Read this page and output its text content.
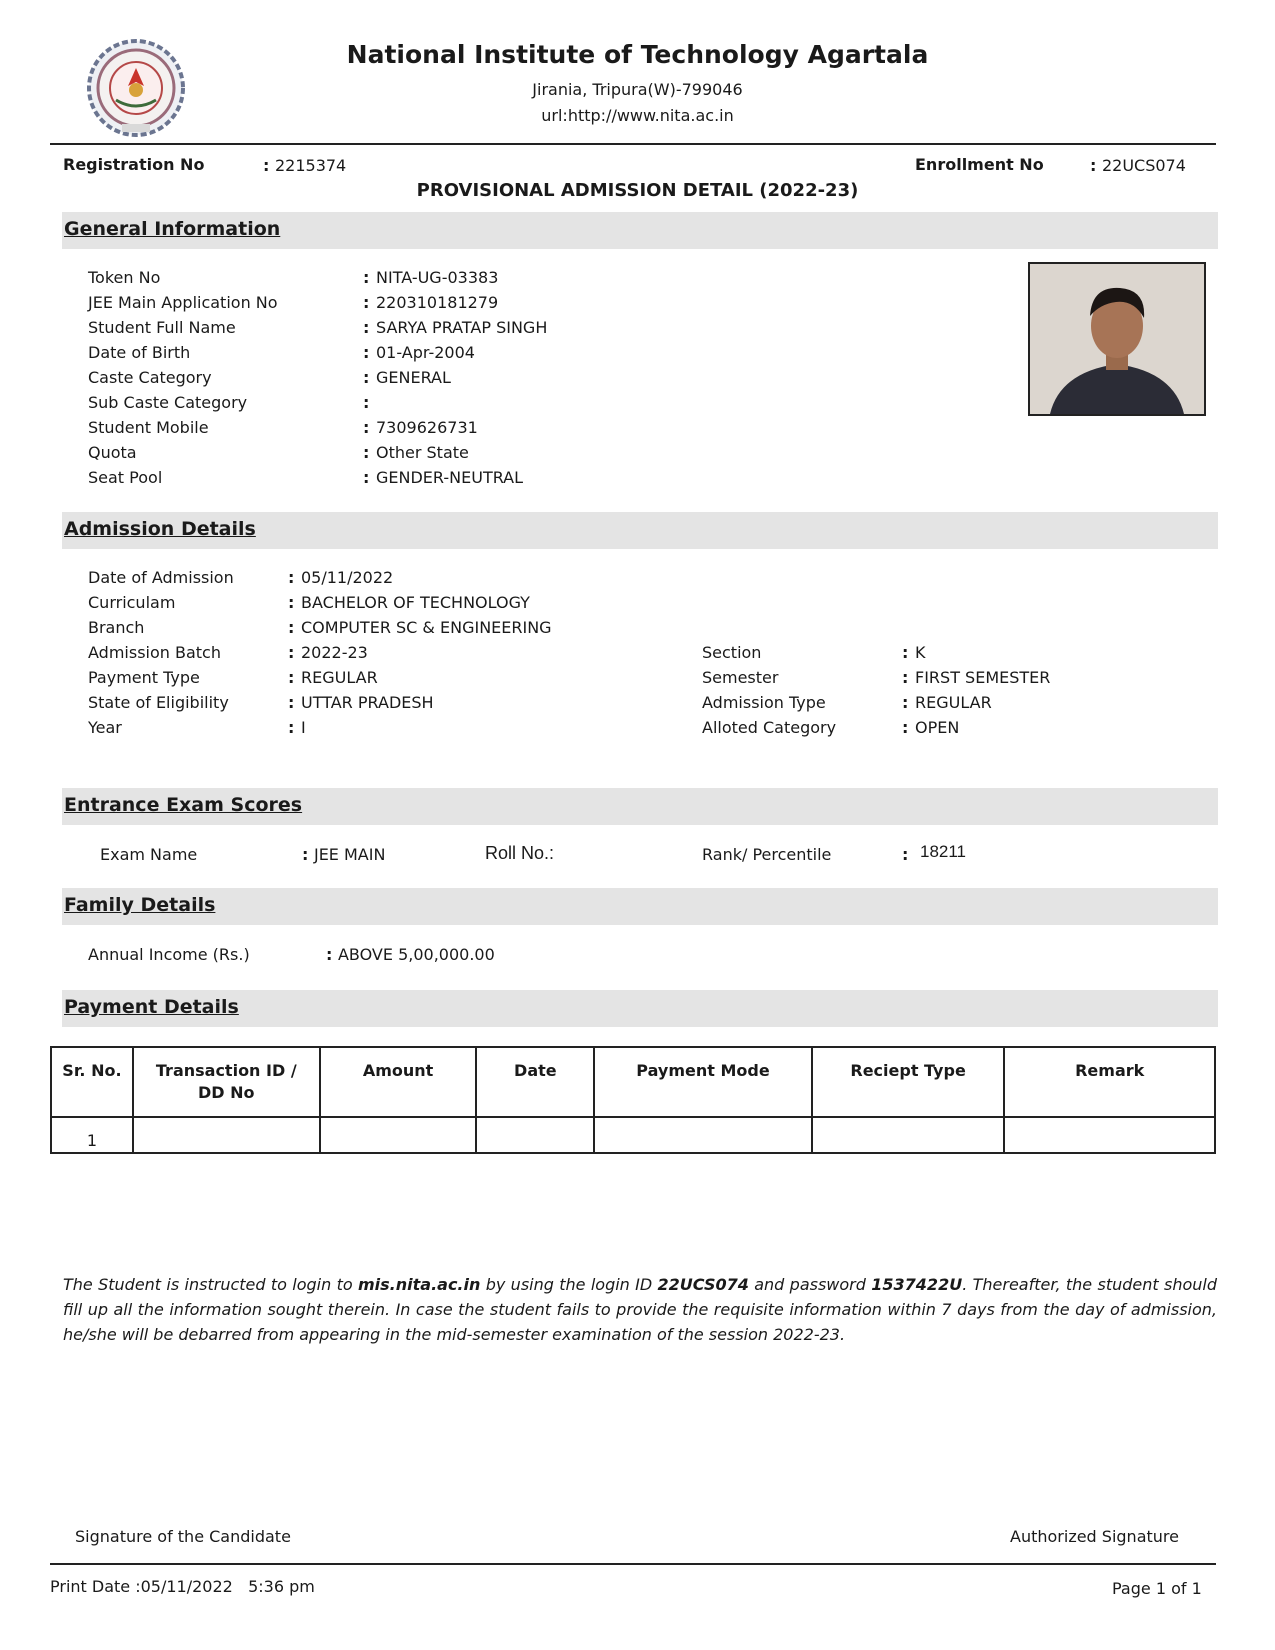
National Institute of Technology Agartala
Jirania, Tripura(W)-799046
url:http://www.nita.ac.in
Registration No	: 2215374	Enrollment No	: 22UCS074
PROVISIONAL ADMISSION DETAIL (2022-23)
General Information
Token No	: NITA-UG-03383
JEE Main Application No	: 220310181279
Student Full Name	: SARYA PRATAP SINGH
Date of Birth	: 01-Apr-2004
Caste Category	: GENERAL
Sub Caste Category	:
Student Mobile	: 7309626731
Quota	: Other State
Seat Pool	: GENDER-NEUTRAL
Admission Details
Date of Admission	: 05/11/2022
Curriculam	: BACHELOR OF TECHNOLOGY
Branch	: COMPUTER SC & ENGINEERING
Admission Batch	: 2022-23
Payment Type	: REGULAR
State of Eligibility	: UTTAR PRADESH
Year	: I
Section	: K
Semester	: FIRST SEMESTER
Admission Type	: REGULAR
Alloted Category	: OPEN
Entrance Exam Scores
Exam Name	: JEE MAIN	Roll No.:	Rank/ Percentile	: 18211
Family Details
Annual Income (Rs.)	: ABOVE 5,00,000.00
Payment Details
Sr. No.	Transaction ID / DD No	Amount	Date	Payment Mode	Reciept Type	Remark
1						
The Student is instructed to login to mis.nita.ac.in by using the login ID 22UCS074 and password 1537422U. Thereafter, the student should fill up all the information sought therein. In case the student fails to provide the requisite information within 7 days from the day of admission, he/she will be debarred from appearing in the mid-semester examination of the session 2022-23.
Signature of the Candidate	Authorized Signature
Print Date :05/11/2022   5:36 pm	Page 1 of 1
